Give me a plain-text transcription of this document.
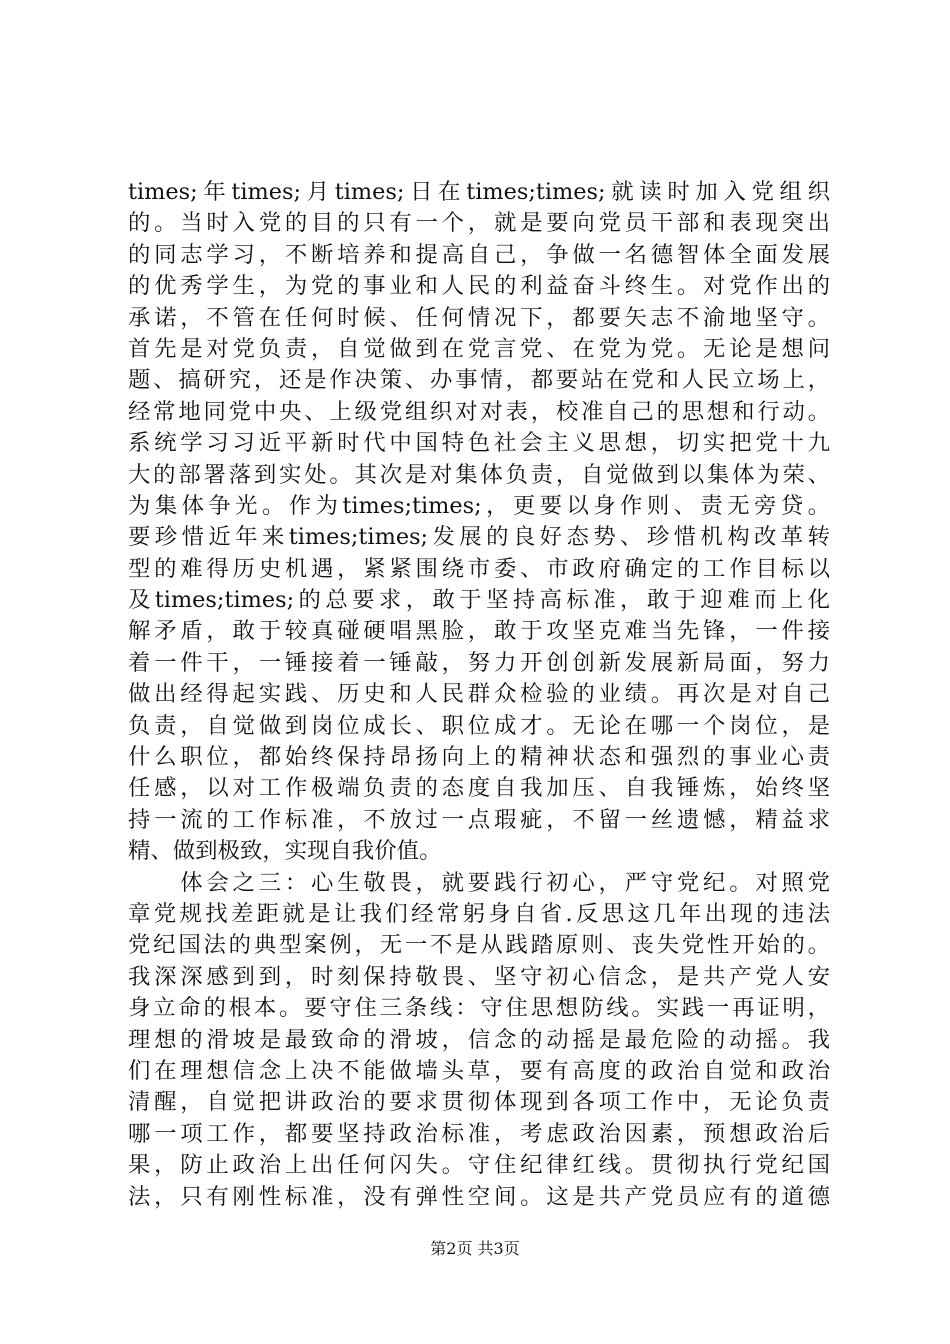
times;年times;月times;日在times;times;就读时加入党组织
的。当时入党的目的只有一个，就是要向党员干部和表现突出
的同志学习，不断培养和提高自己，争做一名德智体全面发展
的优秀学生，为党的事业和人民的利益奋斗终生。对党作出的
承诺，不管在任何时候、任何情况下，都要矢志不渝地坚守。
首先是对党负责，自觉做到在党言党、在党为党。无论是想问
题、搞研究，还是作决策、办事情，都要站在党和人民立场上，
经常地同党中央、上级党组织对对表，校准自己的思想和行动。
系统学习习近平新时代中国特色社会主义思想，切实把党十九
大的部署落到实处。其次是对集体负责，自觉做到以集体为荣、
为集体争光。作为times;times;，更要以身作则、责无旁贷。
要珍惜近年来times;times;发展的良好态势、珍惜机构改革转
型的难得历史机遇，紧紧围绕市委、市政府确定的工作目标以
及times;times;的总要求，敢于坚持高标准，敢于迎难而上化
解矛盾，敢于较真碰硬唱黑脸，敢于攻坚克难当先锋，一件接
着一件干，一锤接着一锤敲，努力开创创新发展新局面，努力
做出经得起实践、历史和人民群众检验的业绩。再次是对自己
负责，自觉做到岗位成长、职位成才。无论在哪一个岗位，是
什么职位，都始终保持昂扬向上的精神状态和强烈的事业心责
任感，以对工作极端负责的态度自我加压、自我锤炼，始终坚
持一流的工作标准，不放过一点瑕疵，不留一丝遗憾，精益求
精、做到极致，实现自我价值。
　　体会之三：心生敬畏，就要践行初心，严守党纪。对照党
章党规找差距就是让我们经常躬身自省.反思这几年出现的违法
党纪国法的典型案例，无一不是从践踏原则、丧失党性开始的。
我深深感到到，时刻保持敬畏、坚守初心信念，是共产党人安
身立命的根本。要守住三条线：守住思想防线。实践一再证明，
理想的滑坡是最致命的滑坡，信念的动摇是最危险的动摇。我
们在理想信念上决不能做墙头草，要有高度的政治自觉和政治
清醒，自觉把讲政治的要求贯彻体现到各项工作中，无论负责
哪一项工作，都要坚持政治标准，考虑政治因素，预想政治后
果，防止政治上出任何闪失。守住纪律红线。贯彻执行党纪国
法，只有刚性标准，没有弹性空间。这是共产党员应有的道德
第2页 共3页
